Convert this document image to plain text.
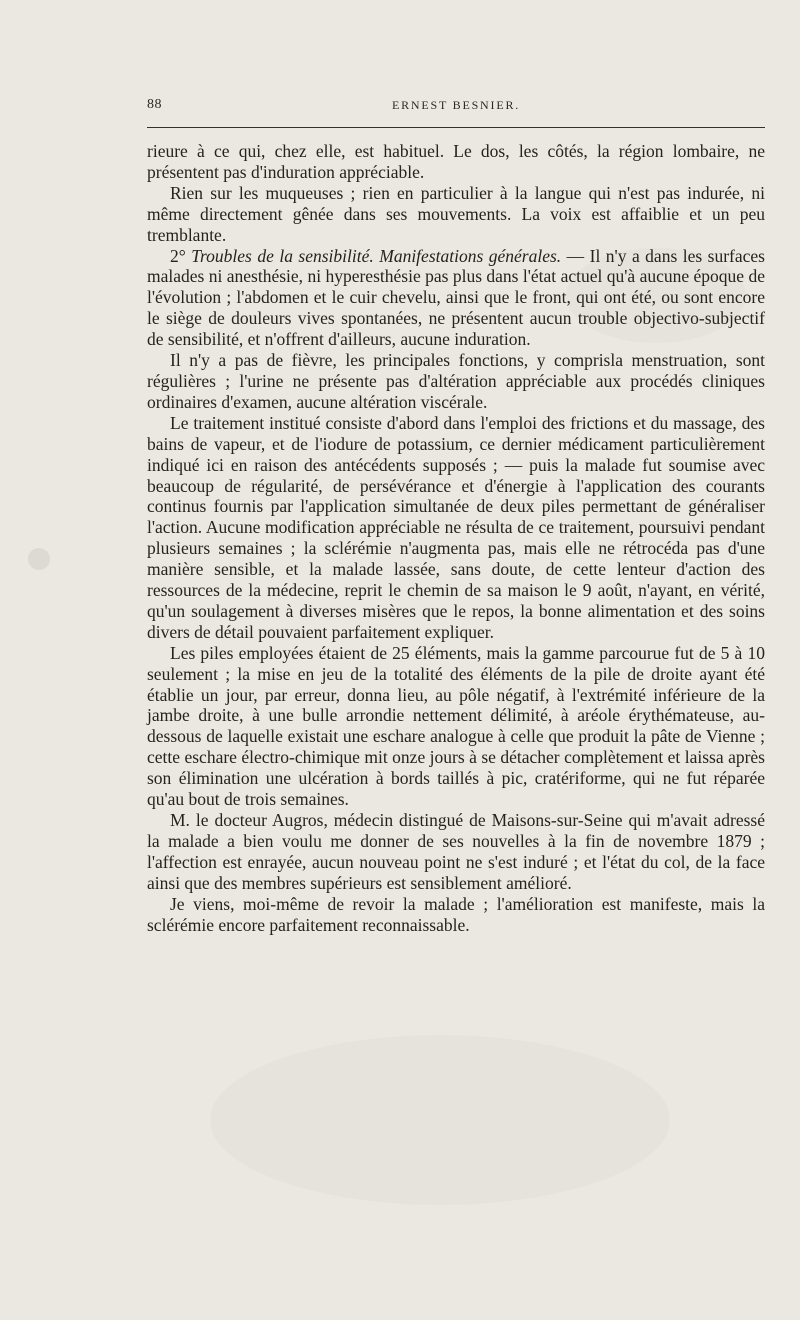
88	ERNEST BESNIER.

rieure à ce qui, chez elle, est habituel. Le dos, les côtés, la région lombaire, ne présentent pas d'induration appréciable.

Rien sur les muqueuses ; rien en particulier à la langue qui n'est pas indurée, ni même directement gênée dans ses mouvements. La voix est affaiblie et un peu tremblante.

2° Troubles de la sensibilité. Manifestations générales. — Il n'y a dans les surfaces malades ni anesthésie, ni hyperesthésie pas plus dans l'état actuel qu'à aucune époque de l'évolution ; l'abdomen et le cuir chevelu, ainsi que le front, qui ont été, ou sont encore le siège de douleurs vives spontanées, ne présentent aucun trouble objectivo-subjectif de sensibilité, et n'offrent d'ailleurs, aucune induration.

Il n'y a pas de fièvre, les principales fonctions, y comprisla menstruation, sont régulières ; l'urine ne présente pas d'altération appréciable aux procédés cliniques ordinaires d'examen, aucune altération viscérale.

Le traitement institué consiste d'abord dans l'emploi des frictions et du massage, des bains de vapeur, et de l'iodure de potassium, ce dernier médicament particulièrement indiqué ici en raison des antécédents supposés ; — puis la malade fut soumise avec beaucoup de régularité, de persévérance et d'énergie à l'application des courants continus fournis par l'application simultanée de deux piles permettant de généraliser l'action. Aucune modification appréciable ne résulta de ce traitement, poursuivi pendant plusieurs semaines ; la sclérémie n'augmenta pas, mais elle ne rétrocéda pas d'une manière sensible, et la malade lassée, sans doute, de cette lenteur d'action des ressources de la médecine, reprit le chemin de sa maison le 9 août, n'ayant, en vérité, qu'un soulagement à diverses misères que le repos, la bonne alimentation et des soins divers de détail pouvaient parfaitement expliquer.

Les piles employées étaient de 25 éléments, mais la gamme parcourue fut de 5 à 10 seulement ; la mise en jeu de la totalité des éléments de la pile de droite ayant été établie un jour, par erreur, donna lieu, au pôle négatif, à l'extrémité inférieure de la jambe droite, à une bulle arrondie nettement délimité, à aréole érythémateuse, au-dessous de laquelle existait une eschare analogue à celle que produit la pâte de Vienne ; cette eschare électro-chimique mit onze jours à se détacher complètement et laissa après son élimination une ulcération à bords taillés à pic, cratériforme, qui ne fut réparée qu'au bout de trois semaines.

M. le docteur Augros, médecin distingué de Maisons-sur-Seine qui m'avait adressé la malade a bien voulu me donner de ses nouvelles à la fin de novembre 1879 ; l'affection est enrayée, aucun nouveau point ne s'est induré ; et l'état du col, de la face ainsi que des membres supérieurs est sensiblement amélioré.

Je viens, moi-même de revoir la malade ; l'amélioration est manifeste, mais la sclérémie encore parfaitement reconnaissable.
